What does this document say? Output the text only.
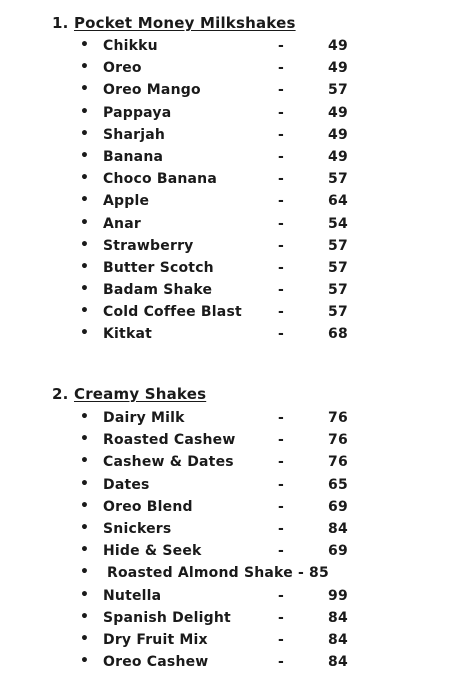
1. Pocket Money Milkshakes
• Chikku	-	49
• Oreo	-	49
• Oreo Mango	-	57
• Pappaya	-	49
• Sharjah	-	49
• Banana	-	49
• Choco Banana	-	57
• Apple	-	64
• Anar	-	54
• Strawberry	-	57
• Butter Scotch	-	57
• Badam Shake	-	57
• Cold Coffee Blast	-	57
• Kitkat	-	68
2. Creamy Shakes
• Dairy Milk	-	76
• Roasted Cashew	-	76
• Cashew & Dates	-	76
• Dates	-	65
• Oreo Blend	-	69
• Snickers	-	84
• Hide & Seek	-	69
• Roasted Almond Shake - 85
• Nutella	-	99
• Spanish Delight	-	84
• Dry Fruit Mix	-	84
• Oreo Cashew	-	84
